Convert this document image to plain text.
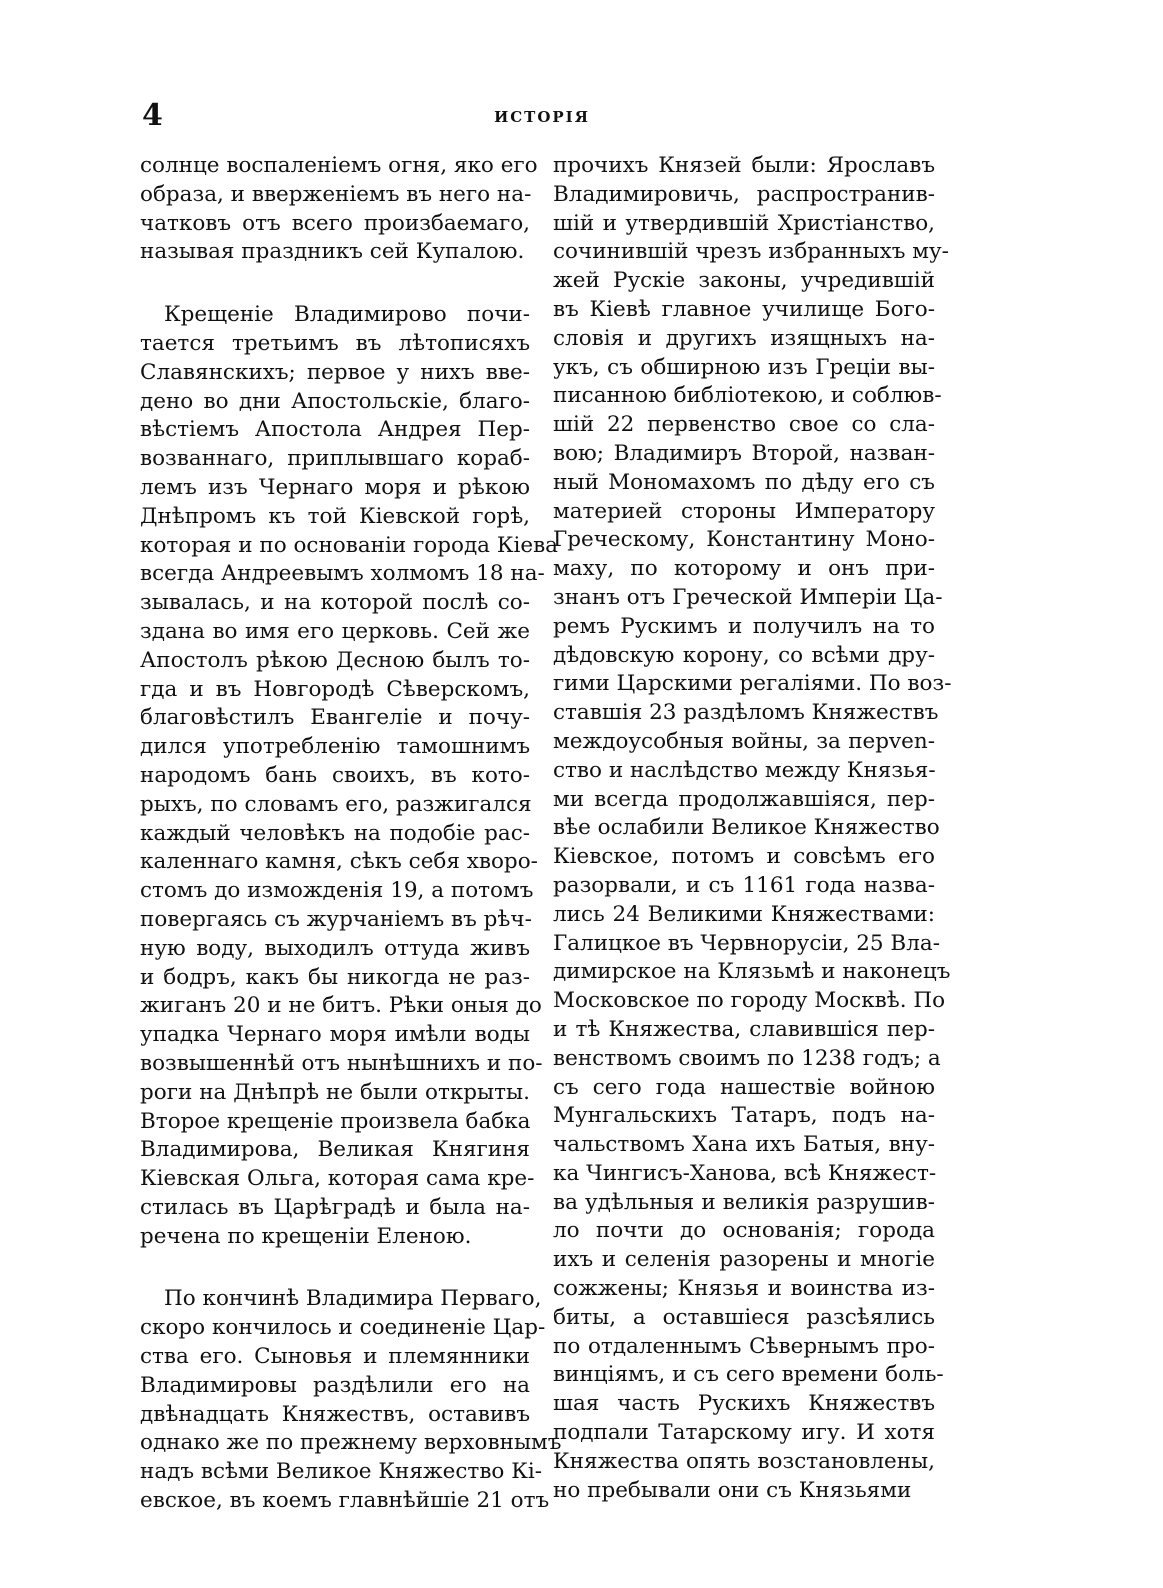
4	ИСТОРІЯ
солнце воспаленіемъ огня, яко его
образа, и вверженіемъ въ него на-
чатковъ отъ всего произбаемаго,
называя праздникъ сей Купалою.
Крещеніе Владимирово почи-
тается третьимъ въ лѣтописяхъ
Славянскихъ; первое у нихъ вве-
дено во дни Апостольскіе, благо-
вѣстіемъ Апостола Андрея Пер-
возваннаго, приплывшаго кораб-
лемъ изъ Чернаго моря и рѣкою
Днѣпромъ къ той Кіевской горѣ,
которая и по основаніи города Кіева
всегда Андреевымъ холмомъ 18 на-
зывалась, и на которой послѣ со-
здана во имя его церковь. Сей же
Апостолъ рѣкою Десною былъ то-
гда и въ Новгородѣ Сѣверскомъ,
благовѣстилъ Евангеліе и почу-
дился употребленію тамошнимъ
народомъ бань своихъ, въ кото-
рыхъ, по словамъ его, разжигался
каждый человѣкъ на подобіе рас-
каленнаго камня, сѣкъ себя хворо-
стомъ до изможденія 19, а потомъ
повергаясь съ журчаніемъ въ рѣч-
ную воду, выходилъ оттуда живъ
и бодръ, какъ бы никогда не раз-
жиганъ 20 и не битъ. Рѣки оныя до
упадка Чернаго моря имѣли воды
возвышеннѣй отъ нынѣшнихъ и по-
роги на Днѣпрѣ не были открыты.
Второе крещеніе произвела бабка
Владимирова, Великая Княгиня
Кіевская Ольга, которая сама кре-
стилась въ Царѣградѣ и была на-
речена по крещеніи Еленою.
По кончинѣ Владимира Перваго,
скоро кончилось и соединеніе Цар-
ства его. Сыновья и племянники
Владимировы раздѣлили его на
двѣнадцать Княжествъ, оставивъ
однако же по прежнему верховнымъ
надъ всѣми Великое Княжество Кі-
евское, въ коемъ главнѣйшіе 21 отъ
прочихъ Князей были: Ярославъ
Владимировичь, распространив-
шій и утвердившій Христіанство,
сочинившій чрезъ избранныхъ му-
жей Рускіе законы, учредившій
въ Кіевѣ главное училище Бого-
словія и другихъ изящныхъ на-
укъ, съ обширною изъ Греціи вы-
писанною библіотекою, и соблюв-
шій 22 первенство свое со сла-
вою; Владимиръ Второй, назван-
ный Мономахомъ по дѣду его съ
материей стороны Императору
Греческому, Константину Моно-
маху, по которому и онъ при-
знанъ отъ Греческой Имперіи Ца-
ремъ Рускимъ и получилъ на то
дѣдовскую корону, со всѣми дру-
гими Царскими регаліями. По воз-
ставшія 23 раздѣломъ Княжествъ
междоусобныя войны, за перven-
ство и наслѣдство между Князья-
ми всегда продолжавшіяся, пер-
вѣе ослабили Великое Княжество
Кіевское, потомъ и совсѣмъ его
разорвали, и съ 1161 года назва-
лись 24 Великими Княжествами:
Галицкое въ Червнорусіи, 25 Вла-
димирское на Клязьмѣ и наконецъ
Московское по городу Москвѣ. По
и тѣ Княжества, славившіся пер-
венствомъ своимъ по 1238 годъ; а
съ сего года нашествіе войною
Мунгальскихъ Татаръ, подъ на-
чальствомъ Хана ихъ Батыя, вну-
ка Чингисъ-Ханова, всѣ Княжест-
ва удѣльныя и великія разрушив-
ло почти до основанія; города
ихъ и селенія разорены и многіе
сожжены; Князья и воинства из-
биты, а оставшіеся разсѣялись
по отдаленнымъ Сѣвернымъ про-
винціямъ, и съ сего времени боль-
шая часть Рускихъ Княжествъ
подпали Татарскому игу. И хотя
Княжества опять возстановлены,
но пребывали они съ Князьями
